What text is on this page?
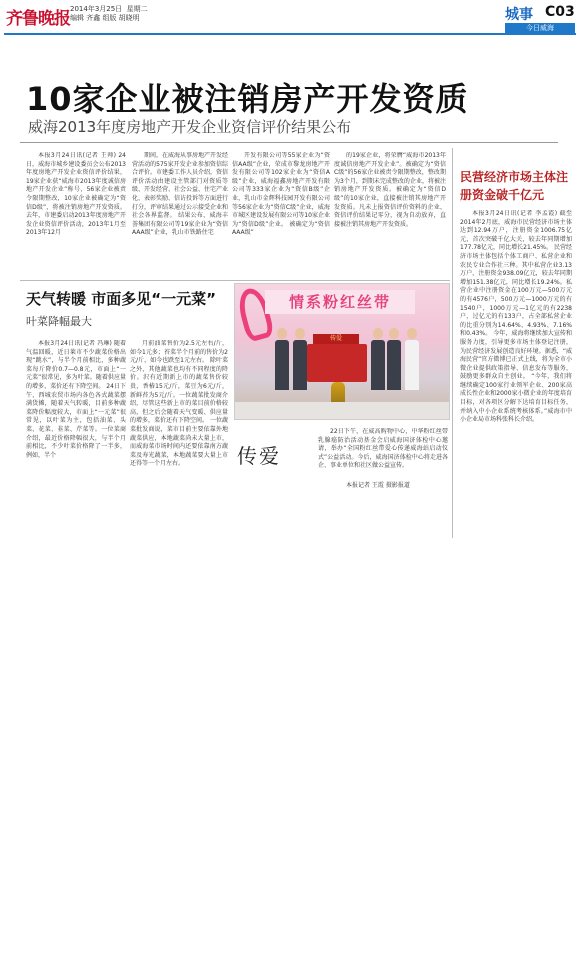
齐鲁晚报 2014年3月25日 星期二
编辑 齐鑫 组版 胡晓明	城事 C03
今日威海
10家企业被注销房产开发资质
威海2013年度房地产开发企业资信评价结果公布

本报3月24日讯(记者 王帅) 24日，威海市城乡建设委员会公布2013年度房地产开发企业资信评价结果，19家企业获“威海市2013年度诚信房地产开发企业”称号，56家企业被责令限期整改，10家企业被确定为“资信D级”，将被注销房地产开发资质。 去年，市建委启动2013年度房地产开发企业资信评价活动，2013年1月至2013年12月

期间，在威海从事房地产开发经营活动的575家开发企业参加资信综合评价。市建委工作人员介绍，资信评价活动由建设主管部门对资质等级、开发经营、社会公益、住宅产业化、表彰奖励、信访投诉等方面进行打分，评审结果通过公示接受企业和社会各界监督。 结果公布，威海丰荟集团有限公司等19家企业为“资信AAA级”企业，乳山市铁路住宅

开发有限公司等55家企业为“资信AA级”企业，荣成市黎龙房地产开发有限公司等102家企业为“资信A级”企业，威海福鑫房地产开发有限公司等333家企业为“资信B级”企业，乳山市金辉科技园开发有限公司等56家企业为“资信C级”企业，威海市城区建设发展有限公司等10家企业为“资信D级”企业。 被确定为“资信AAA级”

的19家企业，将荣膺“威海市2013年度诚信房地产开发企业”。被确定为“资信C级”的56家企业被责令限期整改，整改期为3个月，到期未完成整改的企业，将被注销房地产开发资质。被确定为“资信D级”的10家企业，直接被注销其房地产开发资质。凡未上报资信评价资料的企业，资信评价结果记零分，视为自动放弃，直接被注销其房地产开发资质。

民营经济市场主体注册资金破千亿元

本报3月24日讯(记者 李孟霞) 截至2014年2月底，威海市民营经济市场主体达到12.94万户，注册资金1006.75亿元，首次突破千亿大关，较去年同期增加177.78亿元，同比增长21.45%。 民营经济市场主体包括个体工商户、私营企业和农民专业合作社三种。其中私营企业3.13万户，注册资金938.09亿元，较去年同期增加151.38亿元，同比增长19.24%。私营企业中注册资金在100万元—500万元的有4576户，500万元—1000万元的有1540户，1000万元—1亿元的有2238户，过亿元的有133户，占全部私营企业的比重分别为14.64%、4.93%、7.16%和0.43%。 今年，威海将继续加大宣传和服务力度，引导更多市场主体登记注册，为民营经济发展创造良好环境。据悉，“威海民营”官方微博已正式上线，将为全市小微企业提供政策指导、信息发布等服务，鼓励更多群众自主创业。 “今年，我们将继续确定100家行业领军企业、200家高成长性企业和2000家小微企业的年度培育目标，对各项区分解下达培育目标任务，并纳入中小企业系统考核体系。”威海市中小企业局市场科张科长介绍。

天气转暖 市面多见“一元菜”
叶菜降幅最大

本报3月24日讯(记者 冯琳) 随着气温回暖，近日莱市不少蔬菜价格出现“跳水”，与半个月前相比，多种蔬菜每斤降价0.7—0.8元，市面上“一元菜”很常见，多为叶菜。随着供应量的增多，菜价还有下降空间。 24日下午，西城农贸市场内各色各式蔬菜摆满货摊，随着天气转暖，目前多种蔬菜降价幅度较大，市面上“一元菜”很常见，以叶菜为主，包括油菜、头菜、花菜、韭菜、芹菜等。一位菜商介绍，最近价格降幅很大，与半个月前相比，不少叶菜价格降了一半多，例如，半个

月前油菜售价为2.5元左右/斤，如今1元多；苔菜半个月前的售价为2元/斤，如今也跌至1元左右。 除叶菜之外，其他蔬菜也均有不同程度的降价。沢有近期新上市的蔬菜售价较贵，香椿15元/斤，菜豆为6元/斤，新鲜苔为5元/斤。一位蔬菜批发商介绍，尽管这些新上市的菜目前价格较高，但之后会随着天气变暖、供应量的增多，菜价还有下降空间。 一位蔬菜批发商说，菜市目前主要依靠外地蔬菜供应，本地蔬菜尚未大量上市，而威海菜市场时间内还要依靠南方蔬菜及寿光蔬菜，本地蔬菜要大量上市还得等一个月左右。

情系粉红丝带
传爱
传爱

22日下午，在威高购物中心，中华粉红丝带乳腺癌防治活动基金会启威海国济体检中心邀请，举办“全国粉红丝带爱心传递威海站启动仪式”公益活动。今后，威海国济体检中心将走进各企、事业单位和社区做公益宣传。

本报记者 王霞 摄影报道
